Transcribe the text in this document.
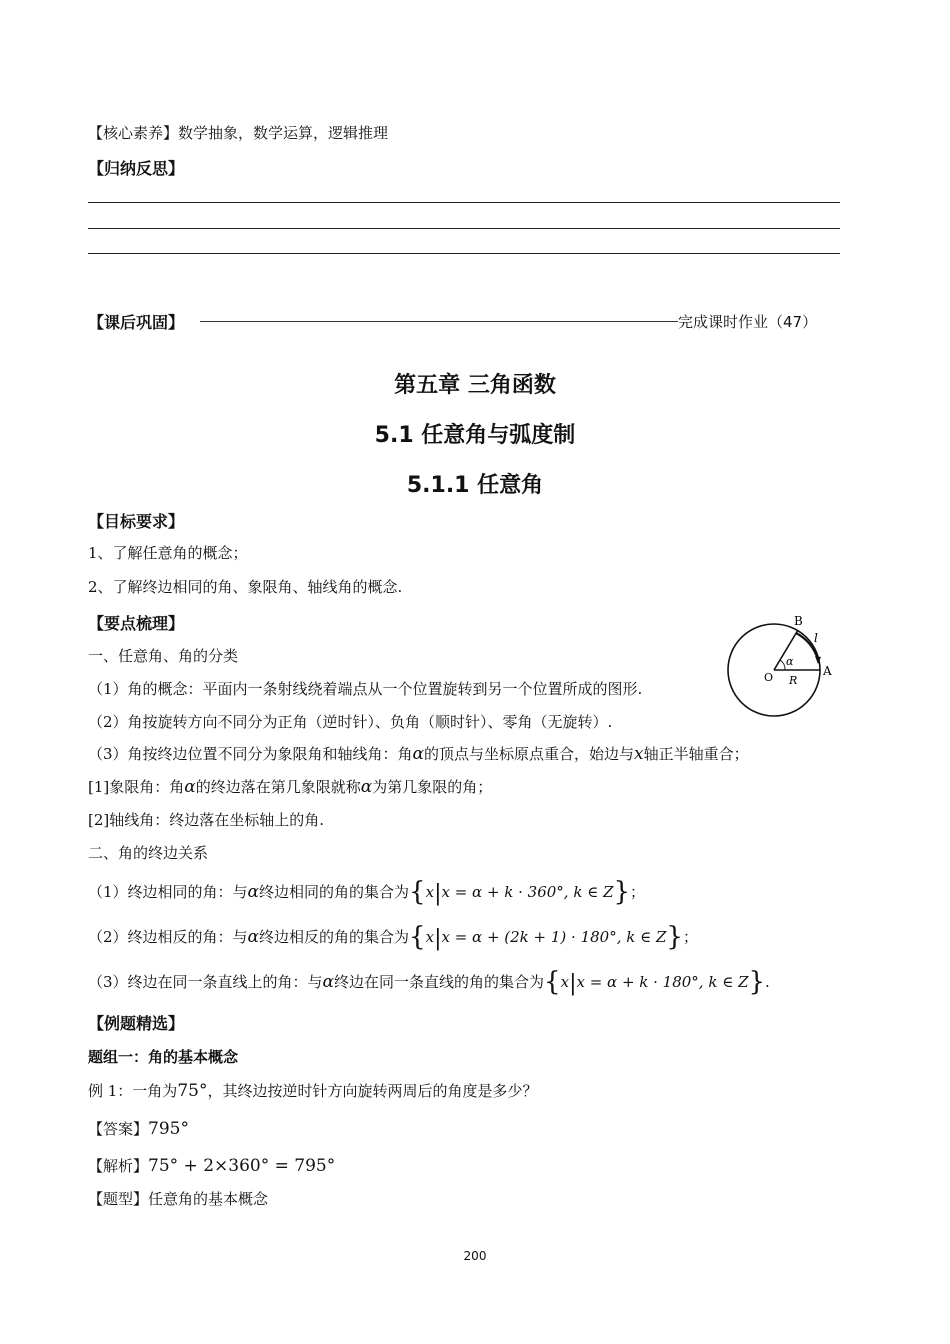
【核心素养】数学抽象，数学运算，逻辑推理
【归纳反思】
【课后巩固】	完成课时作业（47）
第五章 三角函数
5.1 任意角与弧度制
5.1.1 任意角
【目标要求】
1、了解任意角的概念；
2、了解终边相同的角、象限角、轴线角的概念.
【要点梳理】
一、任意角、角的分类
（1）角的概念：平面内一条射线绕着端点从一个位置旋转到另一个位置所成的图形.
（2）角按旋转方向不同分为正角（逆时针）、负角（顺时针）、零角（无旋转）.
（3）角按终边位置不同分为象限角和轴线角：角α的顶点与坐标原点重合，始边与x轴正半轴重合；
[1]象限角：角α的终边落在第几象限就称α为第几象限的角；
[2]轴线角：终边落在坐标轴上的角.
二、角的终边关系
（1）终边相同的角：与α终边相同的角的集合为{x|x = α + k · 360°, k ∈ Z}；
（2）终边相反的角：与α终边相反的角的集合为{x|x = α + (2k + 1) · 180°, k ∈ Z}；
（3）终边在同一条直线上的角：与α终边在同一条直线的角的集合为{x|x = α + k · 180°, k ∈ Z}.
【例题精选】
题组一：角的基本概念
例 1：一角为75°，其终边按逆时针方向旋转两周后的角度是多少？
【答案】795°
【解析】75° + 2×360° = 795°
【题型】任意角的基本概念
B
l
α
O R
A
200
